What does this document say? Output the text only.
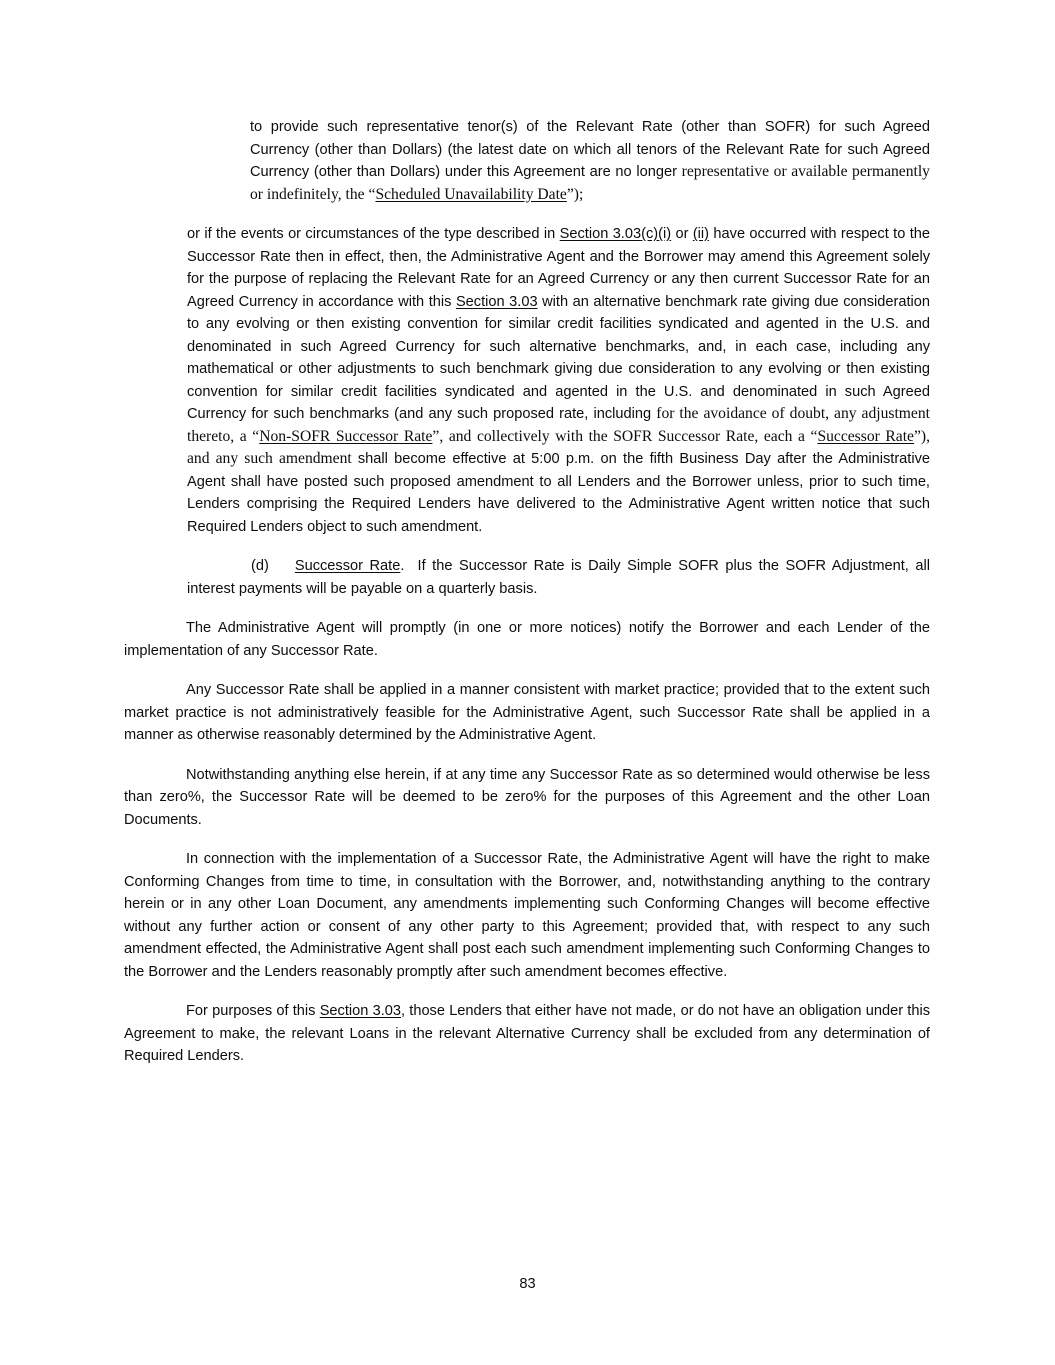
to provide such representative tenor(s) of the Relevant Rate (other than SOFR) for such Agreed Currency (other than Dollars) (the latest date on which all tenors of the Relevant Rate for such Agreed Currency (other than Dollars) under this Agreement are no longer representative or available permanently or indefinitely, the “Scheduled Unavailability Date”);

or if the events or circumstances of the type described in Section 3.03(c)(i) or (ii) have occurred with respect to the Successor Rate then in effect, then, the Administrative Agent and the Borrower may amend this Agreement solely for the purpose of replacing the Relevant Rate for an Agreed Currency or any then current Successor Rate for an Agreed Currency in accordance with this Section 3.03 with an alternative benchmark rate giving due consideration to any evolving or then existing convention for similar credit facilities syndicated and agented in the U.S. and denominated in such Agreed Currency for such alternative benchmarks, and, in each case, including any mathematical or other adjustments to such benchmark giving due consideration to any evolving or then existing convention for similar credit facilities syndicated and agented in the U.S. and denominated in such Agreed Currency for such benchmarks (and any such proposed rate, including for the avoidance of doubt, any adjustment thereto, a “Non-SOFR Successor Rate”, and collectively with the SOFR Successor Rate, each a “Successor Rate”), and any such amendment shall become effective at 5:00 p.m. on the fifth Business Day after the Administrative Agent shall have posted such proposed amendment to all Lenders and the Borrower unless, prior to such time, Lenders comprising the Required Lenders have delivered to the Administrative Agent written notice that such Required Lenders object to such amendment.

(d) Successor Rate.  If the Successor Rate is Daily Simple SOFR plus the SOFR Adjustment, all interest payments will be payable on a quarterly basis.

The Administrative Agent will promptly (in one or more notices) notify the Borrower and each Lender of the implementation of any Successor Rate.

Any Successor Rate shall be applied in a manner consistent with market practice; provided that to the extent such market practice is not administratively feasible for the Administrative Agent, such Successor Rate shall be applied in a manner as otherwise reasonably determined by the Administrative Agent.

Notwithstanding anything else herein, if at any time any Successor Rate as so determined would otherwise be less than zero%, the Successor Rate will be deemed to be zero% for the purposes of this Agreement and the other Loan Documents.

In connection with the implementation of a Successor Rate, the Administrative Agent will have the right to make Conforming Changes from time to time, in consultation with the Borrower, and, notwithstanding anything to the contrary herein or in any other Loan Document, any amendments implementing such Conforming Changes will become effective without any further action or consent of any other party to this Agreement; provided that, with respect to any such amendment effected, the Administrative Agent shall post each such amendment implementing such Conforming Changes to the Borrower and the Lenders reasonably promptly after such amendment becomes effective.

For purposes of this Section 3.03, those Lenders that either have not made, or do not have an obligation under this Agreement to make, the relevant Loans in the relevant Alternative Currency shall be excluded from any determination of Required Lenders.

83
